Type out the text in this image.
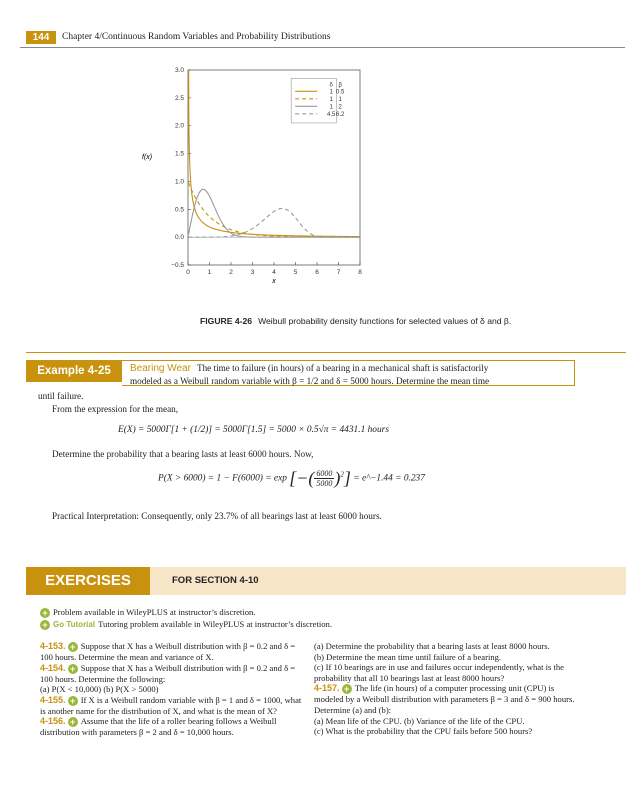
144	Chapter 4/Continuous Random Variables and Probability Distributions
0	1	2	3	4	5	6	7	8
3.0
2.5
2.0
1.5
1.0
0.5
0.0
−0.5
x
f(x)
δ β
1 0.5
1 1
1 2
4.5 6.2
FIGURE 4-26 Weibull probability density functions for selected values of δ and β.
Example 4-25	Bearing Wear The time to failure (in hours) of a bearing in a mechanical shaft is satisfactorily
modeled as a Weibull random variable with β = 1/2 and δ = 5000 hours. Determine the mean time
until failure.
From the expression for the mean,
E(X) = 5000Γ[1 + (1/2)] = 5000Γ[1.5] = 5000 × 0.5√π = 4431.1 hours
Determine the probability that a bearing lasts at least 6000 hours. Now,
P(X > 6000) = 1 − F(6000) = exp [−( $\frac{6000}{5000} )^2$] = e^−1.44 = 0.237
Practical Interpretation: Consequently, only 23.7% of all bearings last at least 6000 hours.
EXERCISES	FOR SECTION 4-10
+ Problem available in WileyPLUS at instructor’s discretion.
+ Go Tutorial Tutoring problem available in WileyPLUS at instructor’s discretion.
4-153. + Suppose that X has a Weibull distribution with β = 0.2 and δ = 100 hours. Determine the mean and variance of X.
4-154. + Suppose that X has a Weibull distribution with β = 0.2 and δ = 100 hours. Determine the following:
(a) P(X < 10,000) (b) P(X > 5000)
4-155. + If X is a Weibull random variable with β = 1 and δ = 1000, what is another name for the distribution of X, and what is the mean of X?
4-156. + Assume that the life of a roller bearing follows a Weibull distribution with parameters β = 2 and δ = 10,000 hours.
(a) Determine the probability that a bearing lasts at least 8000 hours.
(b) Determine the mean time until failure of a bearing.
(c) If 10 bearings are in use and failures occur independently, what is the probability that all 10 bearings last at least 8000 hours?
4-157. + The life (in hours) of a computer processing unit (CPU) is modeled by a Weibull distribution with parameters β = 3 and δ = 900 hours. Determine (a) and (b):
(a) Mean life of the CPU. (b) Variance of the life of the CPU.
(c) What is the probability that the CPU fails before 500 hours?
